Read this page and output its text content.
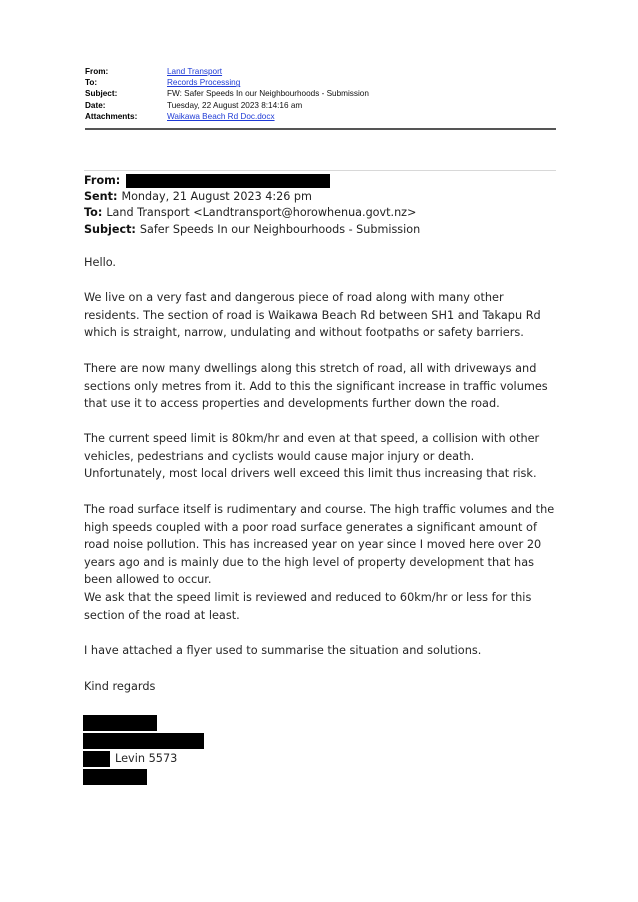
From:	Land Transport
To:	Records Processing
Subject:	FW: Safer Speeds In our Neighbourhoods - Submission
Date:	Tuesday, 22 August 2023 8:14:16 am
Attachments:	Waikawa Beach Rd Doc.docx
From:
Sent: Monday, 21 August 2023 4:26 pm
To: Land Transport <Landtransport@horowhenua.govt.nz>
Subject: Safer Speeds In our Neighbourhoods - Submission

Hello.

We live on a very fast and dangerous piece of road along with many other residents. The section of road is Waikawa Beach Rd between SH1 and Takapu Rd which is straight, narrow, undulating and without footpaths or safety barriers.

There are now many dwellings along this stretch of road, all with driveways and sections only metres from it. Add to this the significant increase in traffic volumes that use it to access properties and developments further down the road.

The current speed limit is 80km/hr and even at that speed, a collision with other vehicles, pedestrians and cyclists would cause major injury or death. Unfortunately, most local drivers well exceed this limit thus increasing that risk.

The road surface itself is rudimentary and course. The high traffic volumes and the high speeds coupled with a poor road surface generates a significant amount of road noise pollution. This has increased year on year since I moved here over 20 years ago and is mainly due to the high level of property development that has been allowed to occur.

We ask that the speed limit is reviewed and reduced to 60km/hr or less for this section of the road at least.

I have attached a flyer used to summarise the situation and solutions.

Kind regards

Levin 5573
